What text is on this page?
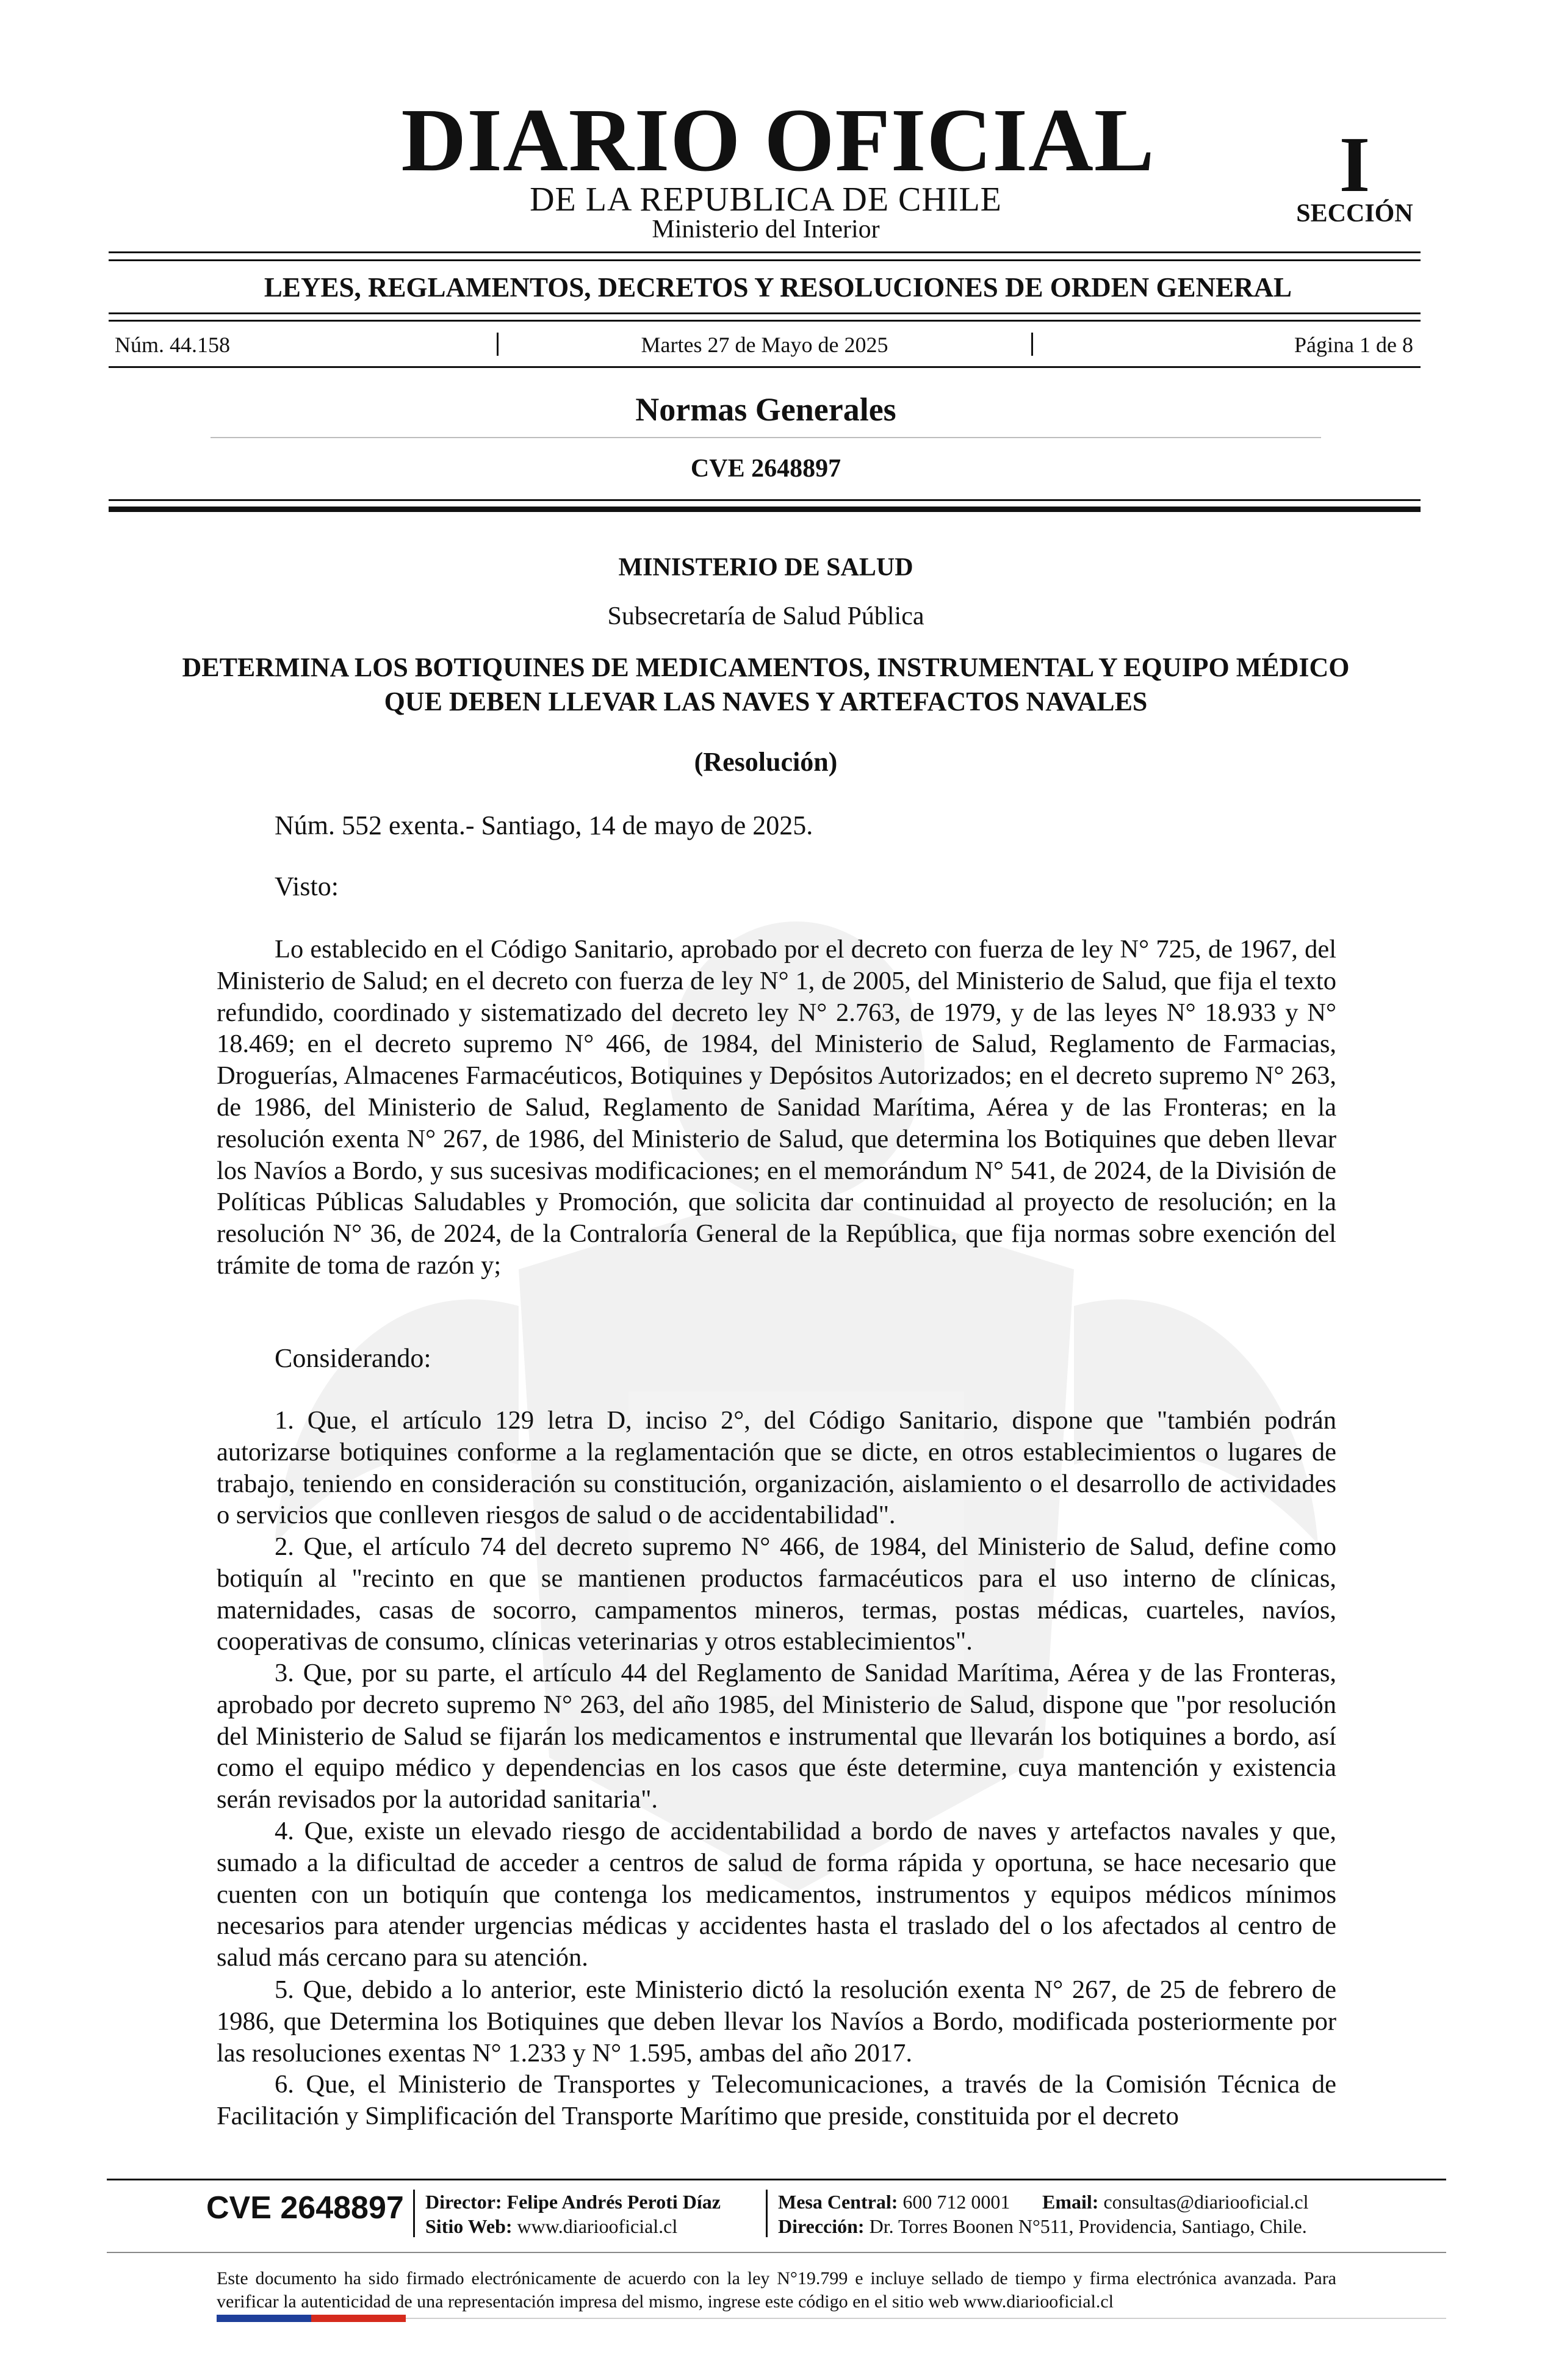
DIARIO OFICIAL
DE LA REPUBLICA DE CHILE
Ministerio del Interior
I
SECCIÓN
LEYES, REGLAMENTOS, DECRETOS Y RESOLUCIONES DE ORDEN GENERAL
Núm. 44.158	Martes 27 de Mayo de 2025	Página 1 de 8
Normas Generales
CVE 2648897
MINISTERIO DE SALUD
Subsecretaría de Salud Pública
DETERMINA LOS BOTIQUINES DE MEDICAMENTOS, INSTRUMENTAL Y EQUIPO MÉDICO QUE DEBEN LLEVAR LAS NAVES Y ARTEFACTOS NAVALES
(Resolución)
Núm. 552 exenta.- Santiago, 14 de mayo de 2025.
Visto:
Lo establecido en el Código Sanitario, aprobado por el decreto con fuerza de ley N° 725, de 1967, del Ministerio de Salud; en el decreto con fuerza de ley N° 1, de 2005, del Ministerio de Salud, que fija el texto refundido, coordinado y sistematizado del decreto ley N° 2.763, de 1979, y de las leyes N° 18.933 y N° 18.469; en el decreto supremo N° 466, de 1984, del Ministerio de Salud, Reglamento de Farmacias, Droguerías, Almacenes Farmacéuticos, Botiquines y Depósitos Autorizados; en el decreto supremo N° 263, de 1986, del Ministerio de Salud, Reglamento de Sanidad Marítima, Aérea y de las Fronteras; en la resolución exenta N° 267, de 1986, del Ministerio de Salud, que determina los Botiquines que deben llevar los Navíos a Bordo, y sus sucesivas modificaciones; en el memorándum N° 541, de 2024, de la División de Políticas Públicas Saludables y Promoción, que solicita dar continuidad al proyecto de resolución; en la resolución N° 36, de 2024, de la Contraloría General de la República, que fija normas sobre exención del trámite de toma de razón y;
Considerando:
1. Que, el artículo 129 letra D, inciso 2°, del Código Sanitario, dispone que "también podrán autorizarse botiquines conforme a la reglamentación que se dicte, en otros establecimientos o lugares de trabajo, teniendo en consideración su constitución, organización, aislamiento o el desarrollo de actividades o servicios que conlleven riesgos de salud o de accidentabilidad".
2. Que, el artículo 74 del decreto supremo N° 466, de 1984, del Ministerio de Salud, define como botiquín al "recinto en que se mantienen productos farmacéuticos para el uso interno de clínicas, maternidades, casas de socorro, campamentos mineros, termas, postas médicas, cuarteles, navíos, cooperativas de consumo, clínicas veterinarias y otros establecimientos".
3. Que, por su parte, el artículo 44 del Reglamento de Sanidad Marítima, Aérea y de las Fronteras, aprobado por decreto supremo N° 263, del año 1985, del Ministerio de Salud, dispone que "por resolución del Ministerio de Salud se fijarán los medicamentos e instrumental que llevarán los botiquines a bordo, así como el equipo médico y dependencias en los casos que éste determine, cuya mantención y existencia serán revisados por la autoridad sanitaria".
4. Que, existe un elevado riesgo de accidentabilidad a bordo de naves y artefactos navales y que, sumado a la dificultad de acceder a centros de salud de forma rápida y oportuna, se hace necesario que cuenten con un botiquín que contenga los medicamentos, instrumentos y equipos médicos mínimos necesarios para atender urgencias médicas y accidentes hasta el traslado del o los afectados al centro de salud más cercano para su atención.
5. Que, debido a lo anterior, este Ministerio dictó la resolución exenta N° 267, de 25 de febrero de 1986, que Determina los Botiquines que deben llevar los Navíos a Bordo, modificada posteriormente por las resoluciones exentas N° 1.233 y N° 1.595, ambas del año 2017.
6. Que, el Ministerio de Transportes y Telecomunicaciones, a través de la Comisión Técnica de Facilitación y Simplificación del Transporte Marítimo que preside, constituida por el decreto
CVE 2648897 Director: Felipe Andrés Peroti Díaz
Sitio Web: www.diariooficial.cl
Mesa Central: 600 712 0001 Email: consultas@diariooficial.cl
Dirección: Dr. Torres Boonen N°511, Providencia, Santiago, Chile.
Este documento ha sido firmado electrónicamente de acuerdo con la ley N°19.799 e incluye sellado de tiempo y firma electrónica avanzada. Para verificar la autenticidad de una representación impresa del mismo, ingrese este código en el sitio web www.diariooficial.cl
